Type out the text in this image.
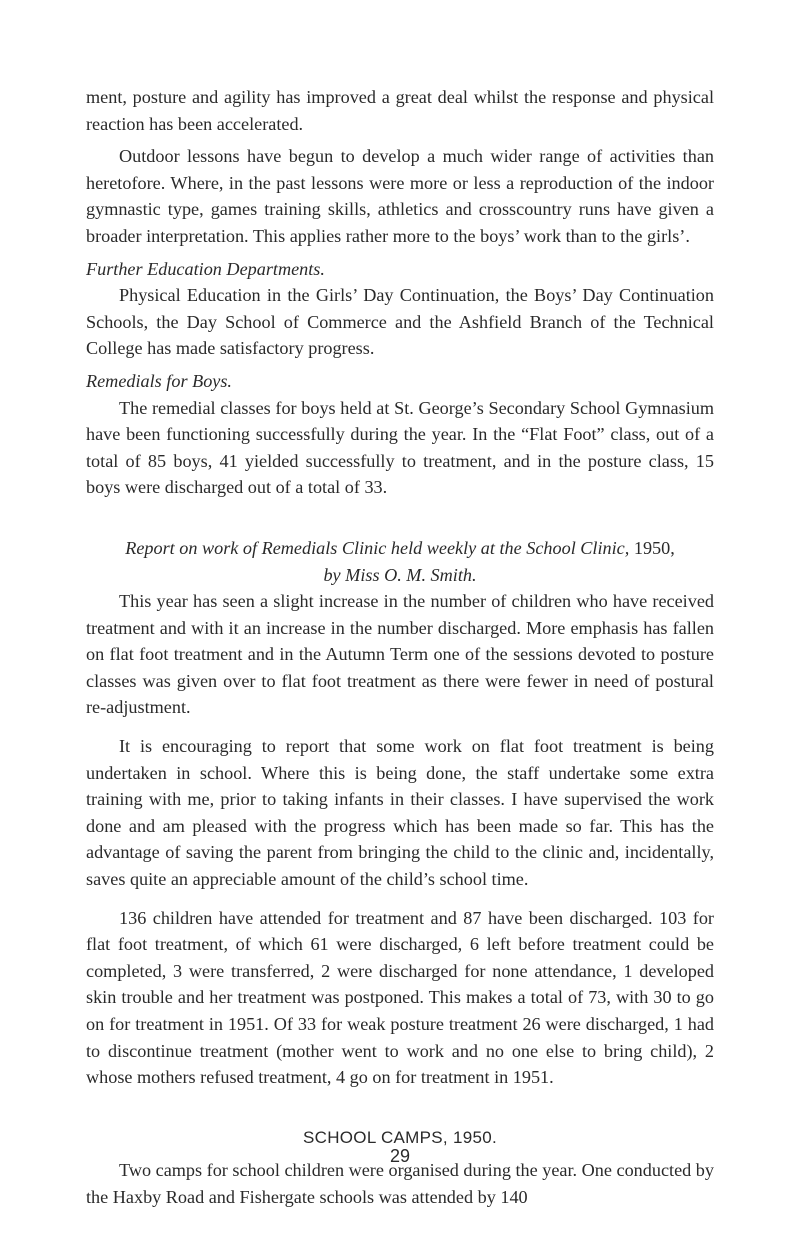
ment, posture and agility has improved a great deal whilst the response and physical reaction has been accelerated.

Outdoor lessons have begun to develop a much wider range of activities than heretofore. Where, in the past lessons were more or less a reproduction of the indoor gymnastic type, games training skills, athletics and crosscountry runs have given a broader interpretation. This applies rather more to the boys’ work than to the girls’.

Further Education Departments.

Physical Education in the Girls’ Day Continuation, the Boys’ Day Continuation Schools, the Day School of Commerce and the Ashfield Branch of the Technical College has made satisfactory progress.

Remedials for Boys.

The remedial classes for boys held at St. George’s Secondary School Gymnasium have been functioning successfully during the year. In the “Flat Foot” class, out of a total of 85 boys, 41 yielded successfully to treatment, and in the posture class, 15 boys were discharged out of a total of 33.

Report on work of Remedials Clinic held weekly at the School Clinic, 1950,

by Miss O. M. Smith.

This year has seen a slight increase in the number of children who have received treatment and with it an increase in the number discharged. More emphasis has fallen on flat foot treatment and in the Autumn Term one of the sessions devoted to posture classes was given over to flat foot treatment as there were fewer in need of postural re-adjustment.

It is encouraging to report that some work on flat foot treatment is being undertaken in school. Where this is being done, the staff undertake some extra training with me, prior to taking infants in their classes. I have supervised the work done and am pleased with the progress which has been made so far. This has the advantage of saving the parent from bringing the child to the clinic and, incidentally, saves quite an appreciable amount of the child’s school time.

136 children have attended for treatment and 87 have been discharged. 103 for flat foot treatment, of which 61 were discharged, 6 left before treatment could be completed, 3 were transferred, 2 were discharged for none attendance, 1 developed skin trouble and her treatment was postponed. This makes a total of 73, with 30 to go on for treatment in 1951. Of 33 for weak posture treatment 26 were discharged, 1 had to discontinue treatment (mother went to work and no one else to bring child), 2 whose mothers refused treatment, 4 go on for treatment in 1951.

SCHOOL CAMPS, 1950.

Two camps for school children were organised during the year. One conducted by the Haxby Road and Fishergate schools was attended by 140

29
